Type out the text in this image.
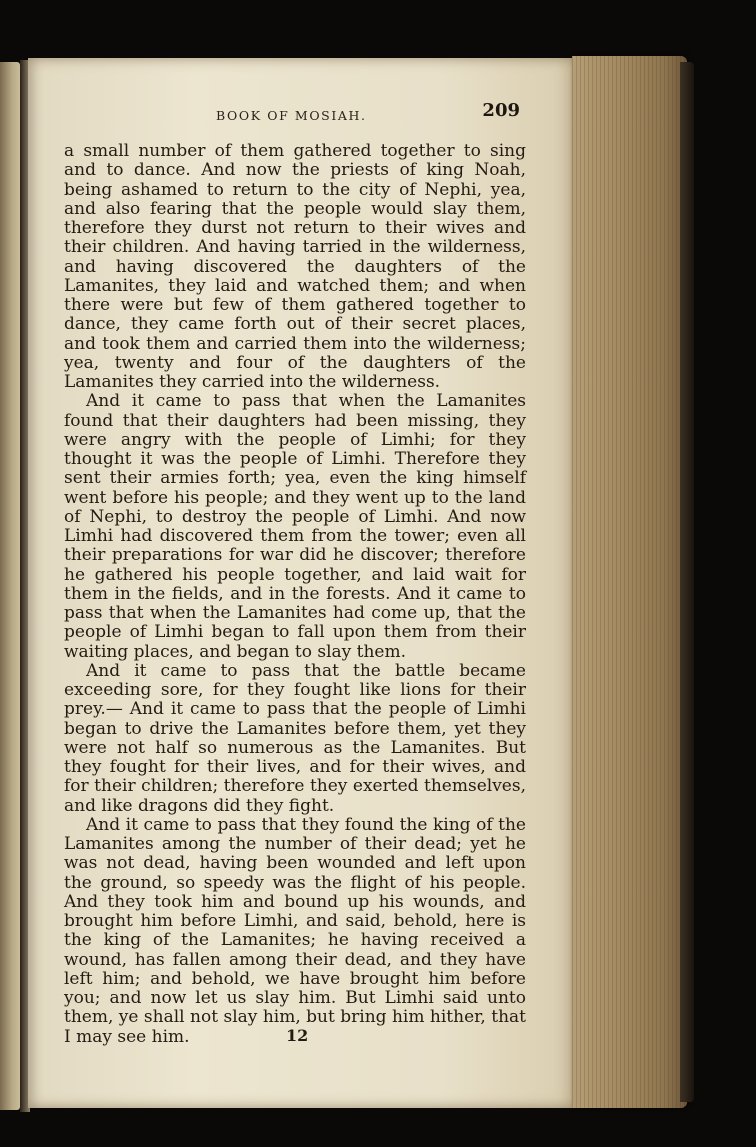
BOOK OF MOSIAH.	209

a small number of them gathered together to sing and to dance. And now the priests of king Noah, being ashamed to return to the city of Nephi, yea, and also fearing that the people would slay them, therefore they durst not return to their wives and their children. And having tarried in the wilderness, and having discovered the daughters of the Lamanites, they laid and watched them; and when there were but few of them gathered together to dance, they came forth out of their secret places, and took them and carried them into the wilderness; yea, twenty and four of the daughters of the Lamanites they carried into the wilderness.

And it came to pass that when the Lamanites found that their daughters had been missing, they were angry with the people of Limhi; for they thought it was the people of Limhi. Therefore they sent their armies forth; yea, even the king himself went before his people; and they went up to the land of Nephi, to destroy the people of Limhi. And now Limhi had discovered them from the tower; even all their preparations for war did he discover; therefore he gathered his people together, and laid wait for them in the fields, and in the forests. And it came to pass that when the Lamanites had come up, that the people of Limhi began to fall upon them from their waiting places, and began to slay them.

And it came to pass that the battle became exceeding sore, for they fought like lions for their prey.— And it came to pass that the people of Limhi began to drive the Lamanites before them, yet they were not half so numerous as the Lamanites. But they fought for their lives, and for their wives, and for their children; therefore they exerted themselves, and like dragons did they fight.

And it came to pass that they found the king of the Lamanites among the number of their dead; yet he was not dead, having been wounded and left upon the ground, so speedy was the flight of his people. And they took him and bound up his wounds, and brought him before Limhi, and said, behold, here is the king of the Lamanites; he having received a wound, has fallen among their dead, and they have left him; and behold, we have brought him before you; and now let us slay him. But Limhi said unto them, ye shall not slay him, but bring him hither, that I may see him.	12
